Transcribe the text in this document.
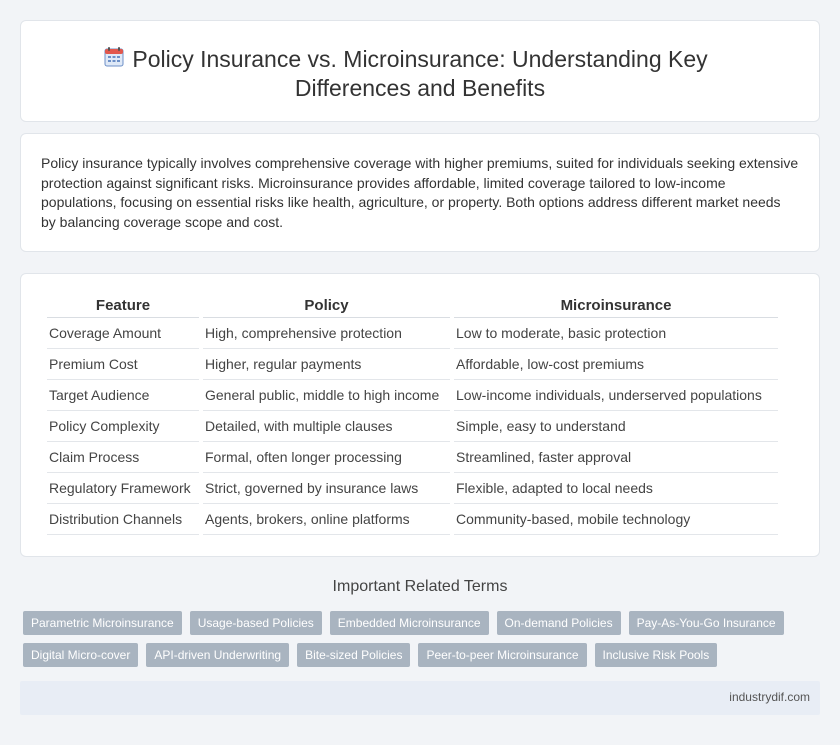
Policy Insurance vs. Microinsurance: Understanding Key Differences and Benefits

Policy insurance typically involves comprehensive coverage with higher premiums, suited for individuals seeking extensive protection against significant risks. Microinsurance provides affordable, limited coverage tailored to low-income populations, focusing on essential risks like health, agriculture, or property. Both options address different market needs by balancing coverage scope and cost.

Feature	Policy	Microinsurance
Coverage Amount	High, comprehensive protection	Low to moderate, basic protection
Premium Cost	Higher, regular payments	Affordable, low-cost premiums
Target Audience	General public, middle to high income	Low-income individuals, underserved populations
Policy Complexity	Detailed, with multiple clauses	Simple, easy to understand
Claim Process	Formal, often longer processing	Streamlined, faster approval
Regulatory Framework	Strict, governed by insurance laws	Flexible, adapted to local needs
Distribution Channels	Agents, brokers, online platforms	Community-based, mobile technology
Important Related Terms
Parametric Microinsurance	Usage-based Policies	Embedded Microinsurance	On-demand Policies	Pay-As-You-Go Insurance
Digital Micro-cover	API-driven Underwriting	Bite-sized Policies	Peer-to-peer Microinsurance	Inclusive Risk Pools
industrydif.com
